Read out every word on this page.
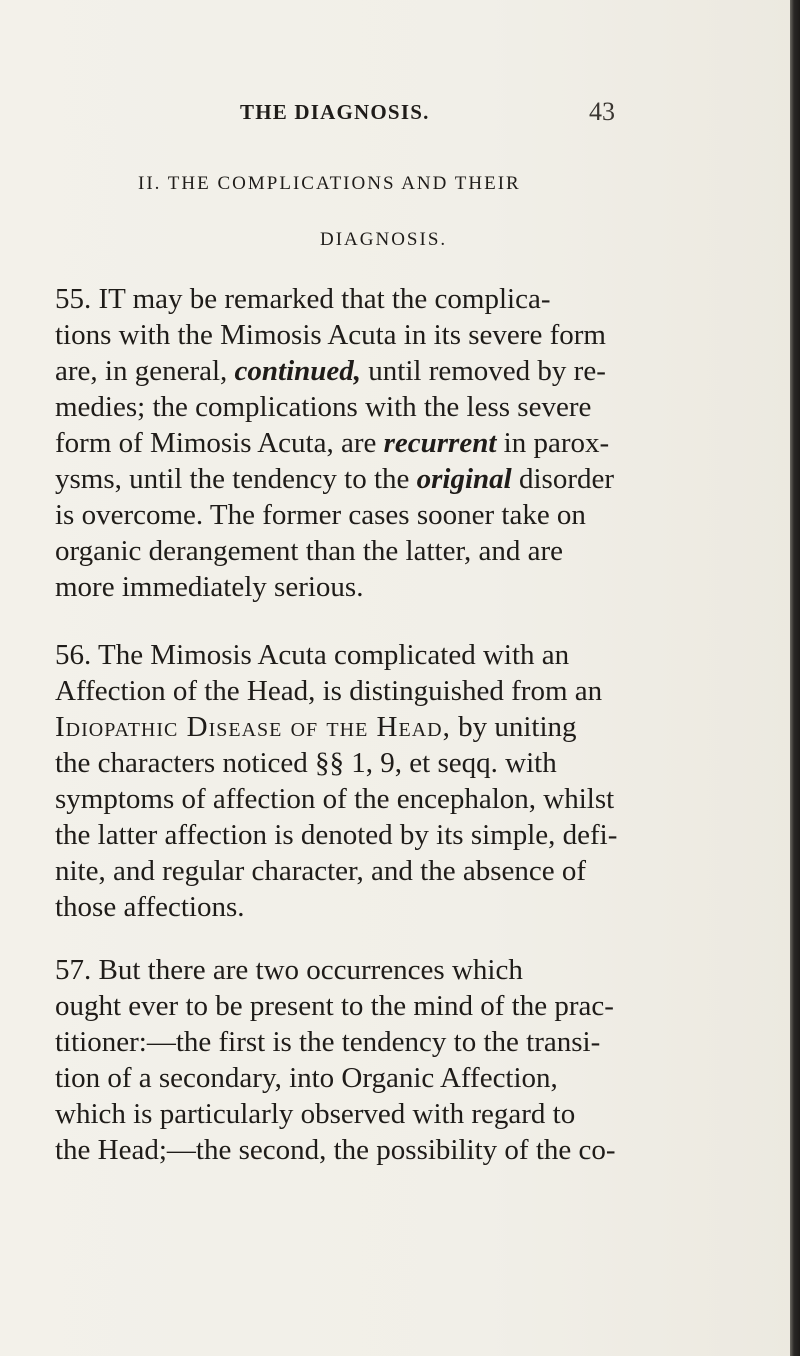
THE DIAGNOSIS.	43
II. THE COMPLICATIONS AND THEIR
DIAGNOSIS.
55. IT may be remarked that the complica-
tions with the Mimosis Acuta in its severe form
are, in general, continued, until removed by re-
medies; the complications with the less severe
form of Mimosis Acuta, are recurrent in parox-
ysms, until the tendency to the original disorder
is overcome. The former cases sooner take on
organic derangement than the latter, and are
more immediately serious.
56. The Mimosis Acuta complicated with an
Affection of the Head, is distinguished from an
Idiopathic Disease of the Head, by uniting
the characters noticed §§ 1, 9, et seqq. with
symptoms of affection of the encephalon, whilst
the latter affection is denoted by its simple, defi-
nite, and regular character, and the absence of
those affections.
57. But there are two occurrences which
ought ever to be present to the mind of the prac-
titioner:—the first is the tendency to the transi-
tion of a secondary, into Organic Affection,
which is particularly observed with regard to
the Head;—the second, the possibility of the co-
